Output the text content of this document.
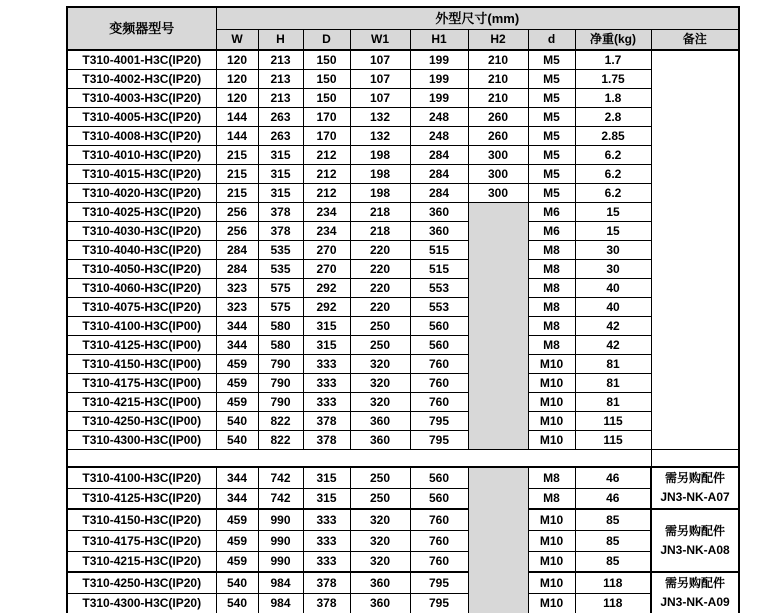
变频器型号	外型尺寸(mm)								
	W	H	D	W1	H1	H2	d	净重(kg)	备注
T310-4001-H3C(IP20)	120	213	150	107	199	210	M5	1.7	
T310-4002-H3C(IP20)	120	213	150	107	199	210	M5	1.75	
T310-4003-H3C(IP20)	120	213	150	107	199	210	M5	1.8	
T310-4005-H3C(IP20)	144	263	170	132	248	260	M5	2.8	
T310-4008-H3C(IP20)	144	263	170	132	248	260	M5	2.85	
T310-4010-H3C(IP20)	215	315	212	198	284	300	M5	6.2	
T310-4015-H3C(IP20)	215	315	212	198	284	300	M5	6.2	
T310-4020-H3C(IP20)	215	315	212	198	284	300	M5	6.2	
T310-4025-H3C(IP20)	256	378	234	218	360		M6	15	
T310-4030-H3C(IP20)	256	378	234	218	360		M6	15	
T310-4040-H3C(IP20)	284	535	270	220	515		M8	30	
T310-4050-H3C(IP20)	284	535	270	220	515		M8	30	
T310-4060-H3C(IP20)	323	575	292	220	553		M8	40	
T310-4075-H3C(IP20)	323	575	292	220	553		M8	40	
T310-4100-H3C(IP00)	344	580	315	250	560		M8	42	
T310-4125-H3C(IP00)	344	580	315	250	560		M8	42	
T310-4150-H3C(IP00)	459	790	333	320	760		M10	81	
T310-4175-H3C(IP00)	459	790	333	320	760		M10	81	
T310-4215-H3C(IP00)	459	790	333	320	760		M10	81	
T310-4250-H3C(IP00)	540	822	378	360	795		M10	115	
T310-4300-H3C(IP00)	540	822	378	360	795		M10	115	

T310-4100-H3C(IP20)	344	742	315	250	560		M8	46	需另购配件
JN3-NK-A07

T310-4125-H3C(IP20)	344	742	315	250	560		M8	46	
T310-4150-H3C(IP20)	459	990	333	320	760		M10	85	需另购配件
JN3-NK-A08

T310-4175-H3C(IP20)	459	990	333	320	760		M10	85	
T310-4215-H3C(IP20)	459	990	333	320	760		M10	85	
T310-4250-H3C(IP20)	540	984	378	360	795		M10	118	需另购配件
JN3-NK-A09

T310-4300-H3C(IP20)	540	984	378	360	795		M10	118	
